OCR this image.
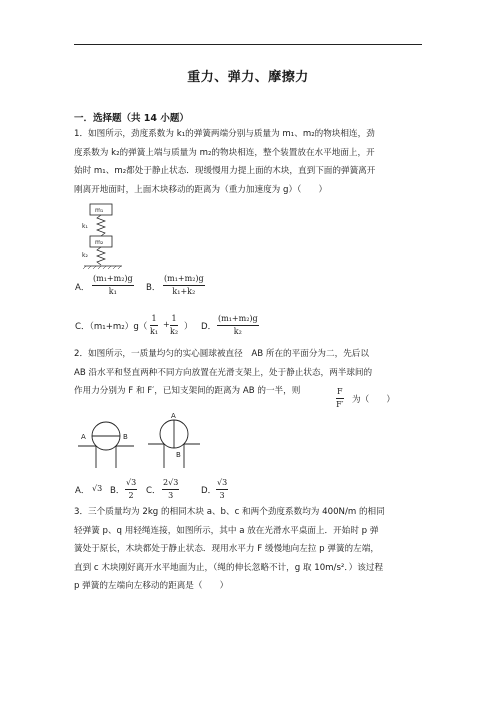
重力、弹力、摩擦力
一．选择题（共 14 小题）
1．如图所示，劲度系数为 k₁的弹簧两端分别与质量为 m₁、m₂的物块相连，劲
度系数为 k₂的弹簧上端与质量为 m₂的物块相连，整个装置放在水平地面上，开
始时 m₁、m₂都处于静止状态．现缓慢用力提上面的木块，直到下面的弹簧离开
刚离开地面时，上面木块移动的距离为（重力加速度为 g）（　　）
m₁
k₁
m₂
k₂
A． $\frac{\text{(m₁+m₂)g}}{\text{k₁}}$ B． $\frac{\text{(m₁+m₂)g}}{\text{k₁+k₂}}$
C．$(m_1+m_2)g( \frac{1}{\text{k₁}} + \frac{1}{\text{k₂}}$ ） D． $\frac{\text{(m₁+m₂)g}}{\text{k₂}}$
2．如图所示，一质量均匀的实心圆球被直径　AB 所在的平面分为二，先后以
AB 沿水平和竖直两种不同方向放置在光滑支架上，处于静止状态，两半球间的
作用力分别为 F 和 F′，已知支架间的距离为 AB 的一半，则	$\frac{F}{F'}$ 为（　　）
A	B
A
B
A． √3 B． $\frac{√3}{2}$ C． $\frac{2√3}{3}$	D． $\frac{√3}{3}$
3．三个质量均为 2kg 的相同木块 a、b、c 和两个劲度系数均为 400N/m 的相同
轻弹簧 p、q 用轻绳连接，如图所示，其中 a 放在光滑水平桌面上．开始时 p 弹
簧处于原长，木块都处于静止状态．现用水平力 F 缓慢地向左拉 p 弹簧的左端，
直到 c 木块刚好离开水平地面为止，（绳的伸长忽略不计，g 取 10m/s²．）该过程
p 弹簧的左端向左移动的距离是（　　）
